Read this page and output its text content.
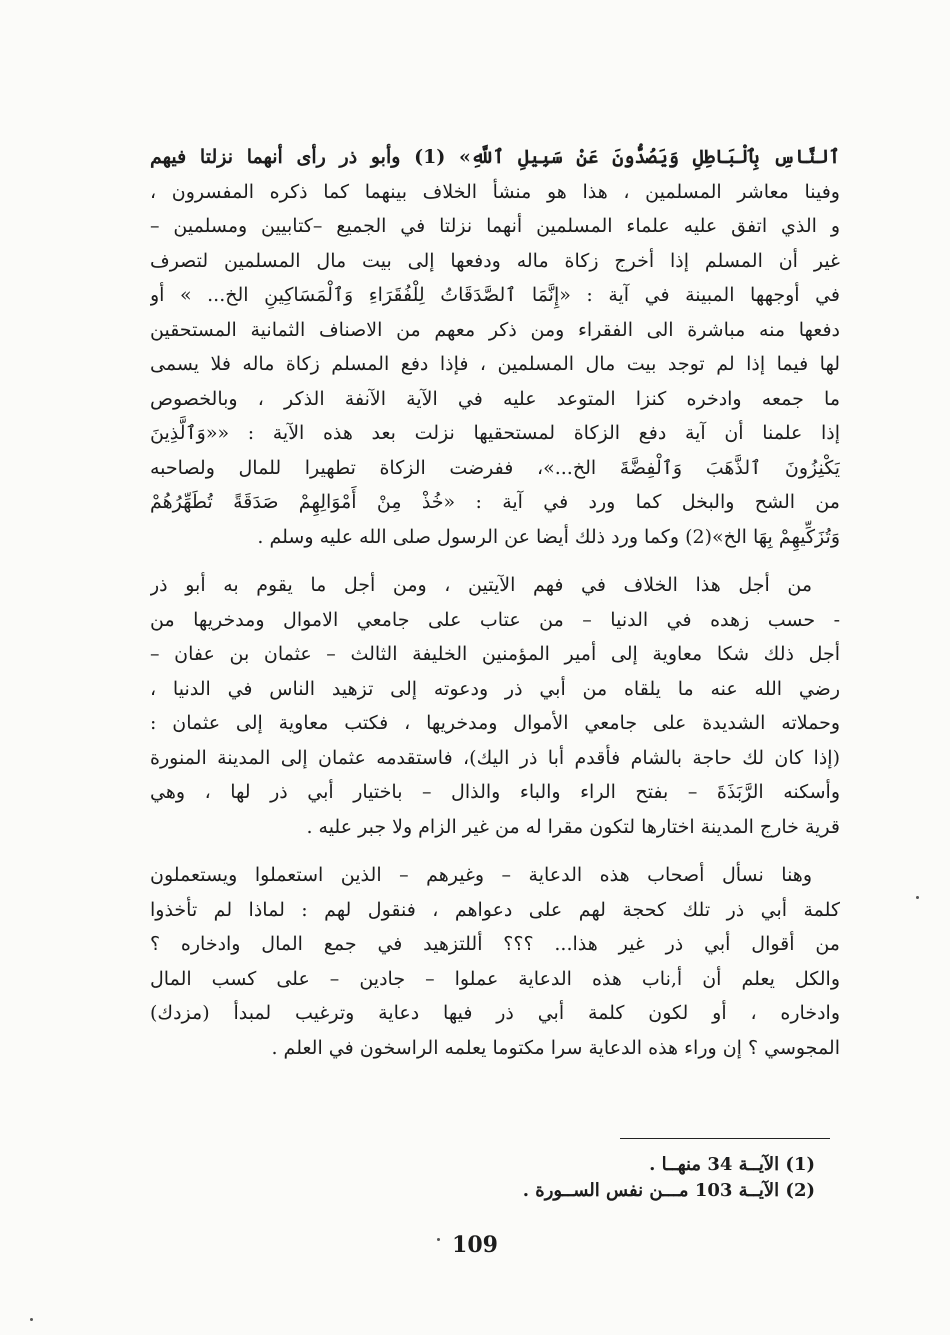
ٱلنَّاسِ بِٱلْبَاطِلِ وَيَصُدُّونَ عَنْ سَبِيلِ ٱللَّهِ» (1) وأبو ذر رأى أنهما نزلتا فيهم
وفينا معاشر المسلمين ، هذا هو منشأ الخلاف بينهما كما ذكره المفسرون ،
و الذي اتفق عليه علماء المسلمين أنهما نزلتا في الجميع –كتابيين ومسلمين –
غير أن المسلم إذا أخرج زكاة ماله ودفعها إلى بيت مال المسلمين لتصرف
في أوجهها المبينة في آية : «إِنَّمَا ٱلصَّدَقَاتُ لِلْفُقَرَاءِ وَٱلْمَسَاكِينِ الخ... » أو
دفعها منه مباشرة الى الفقراء ومن ذكر معهم من الاصناف الثمانية المستحقين
لها فيما إذا لم توجد بيت مال المسلمين ، فإذا دفع المسلم زكاة ماله فلا يسمى
ما جمعه وادخره كنزا المتوعد عليه في الآية الآنفة الذكر ، وبالخصوص
إذا علمنا أن آية دفع الزكاة لمستحقيها نزلت بعد هذه الآية : ««وَٱلَّذِينَ
يَكْنِزُونَ ٱلذَّهَبَ وَٱلْفِضَّةَ الخ...»، ففرضت الزكاة تطهيرا للمال ولصاحبه
من الشح والبخل كما ورد في آية : «خُذْ مِنْ أَمْوَالِهِمْ صَدَقَةً تُطَهِّرُهُمْ
وَتُزَكِّيهِمْ بِهَا الخ»(2) وكما ورد ذلك أيضا عن الرسول صلى الله عليه وسلم .
من أجل هذا الخلاف في فهم الآيتين ، ومن أجل ما يقوم به أبو ذر
- حسب زهده في الدنيا – من عتاب على جامعي الاموال ومدخريها من
أجل ذلك شكا معاوية إلى أمير المؤمنين الخليفة الثالث – عثمان بن عفان –
رضي الله عنه ما يلقاه من أبي ذر ودعوته إلى تزهيد الناس في الدنيا ،
وحملاته الشديدة على جامعي الأموال ومدخريها ، فكتب معاوية إلى عثمان :
(إذا كان لك حاجة بالشام فأقدم أبا ذر اليك)، فاستقدمه عثمان إلى المدينة المنورة
وأسكنه الرَّبَذَةَ – بفتح الراء والباء والذال – باختيار أبي ذر لها ، وهي
قرية خارج المدينة اختارها لتكون مقرا له من غير الزام ولا جبر عليه .
وهنا نسأل أصحاب هذه الدعاية – وغيرهم – الذين استعملوا ويستعملون
كلمة أبي ذر تلك كحجة لهم على دعواهم ، فنقول لهم : لماذا لم تأخذوا
من أقوال أبي ذر غير هذا... ؟؟؟ أللتزهيد في جمع المال وادخاره ؟
والكل يعلم أن أ,ناب هذه الدعاية عملوا – جادين – على كسب المال
وادخاره ، أو لكون كلمة أبي ذر فيها دعاية وترغيب لمبدأ (مزدك)
المجوسي ؟ إن وراء هذه الدعاية سرا مكتوما يعلمه الراسخون في العلم .
(1) الآيــة 34 منهــا .
(2) الآيــة 103 مـــن نفس الســورة .
109
